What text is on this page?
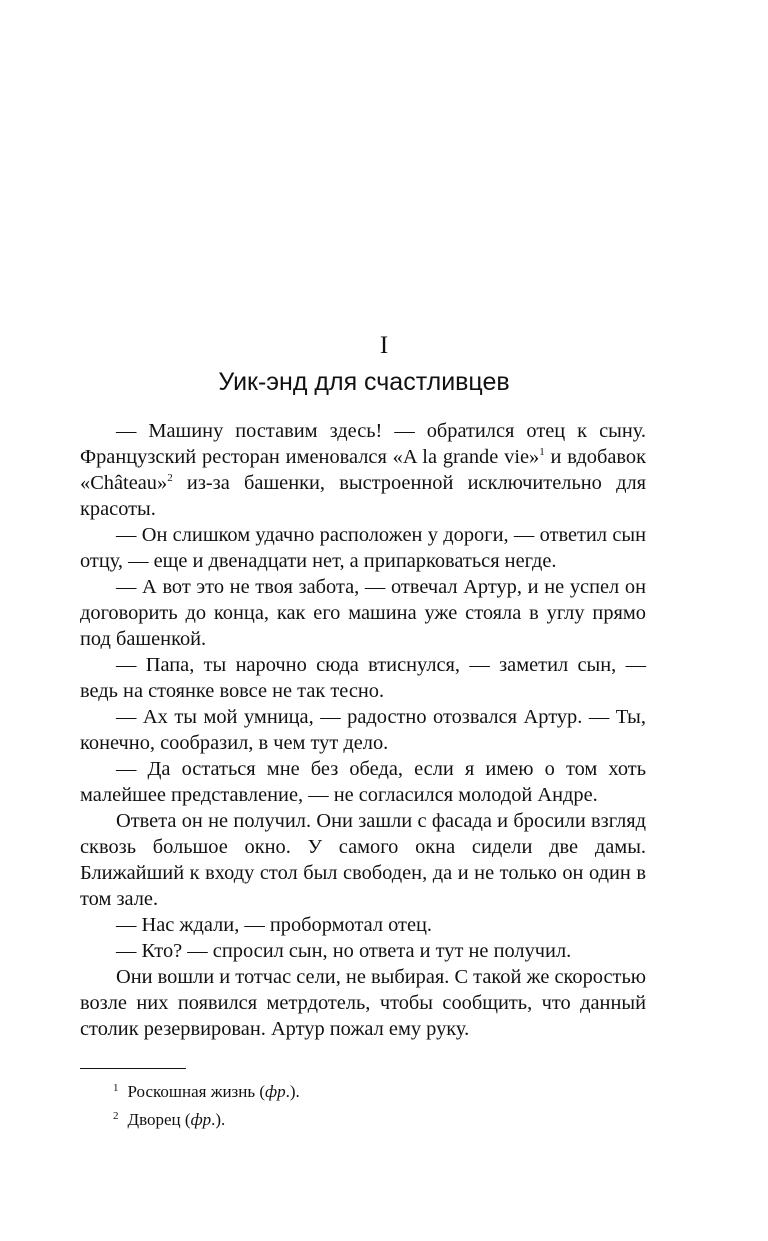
I
Уик-энд для счастливцев

— Машину поставим здесь! — обратился отец к сыну. Французский ресторан именовался «A la grande vie»$^1$ и вдобавок «Château»$^2$ из-за башенки, выстроенной исключительно для красоты.

— Он слишком удачно расположен у дороги, — ответил сын отцу, — еще и двенадцати нет, а припарковаться негде.

— А вот это не твоя забота, — отвечал Артур, и не успел он договорить до конца, как его машина уже стояла в углу прямо под башенкой.

— Папа, ты нарочно сюда втиснулся, — заметил сын, — ведь на стоянке вовсе не так тесно.

— Ах ты мой умница, — радостно отозвался Артур. — Ты, конечно, сообразил, в чем тут дело.

— Да остаться мне без обеда, если я имею о том хоть малейшее представление, — не согласился молодой Андре.

Ответа он не получил. Они зашли с фасада и бросили взгляд сквозь большое окно. У самого окна сидели две дамы. Ближайший к входу стол был свободен, да и не только он один в том зале.

— Нас ждали, — пробормотал отец.

— Кто? — спросил сын, но ответа и тут не получил.

Они вошли и тотчас сели, не выбирая. С такой же скоростью возле них появился метрдотель, чтобы сообщить, что данный столик резервирован. Артур пожал ему руку.

$^1$ Роскошная жизнь (фр.).

$^2$ Дворец (фр.).
